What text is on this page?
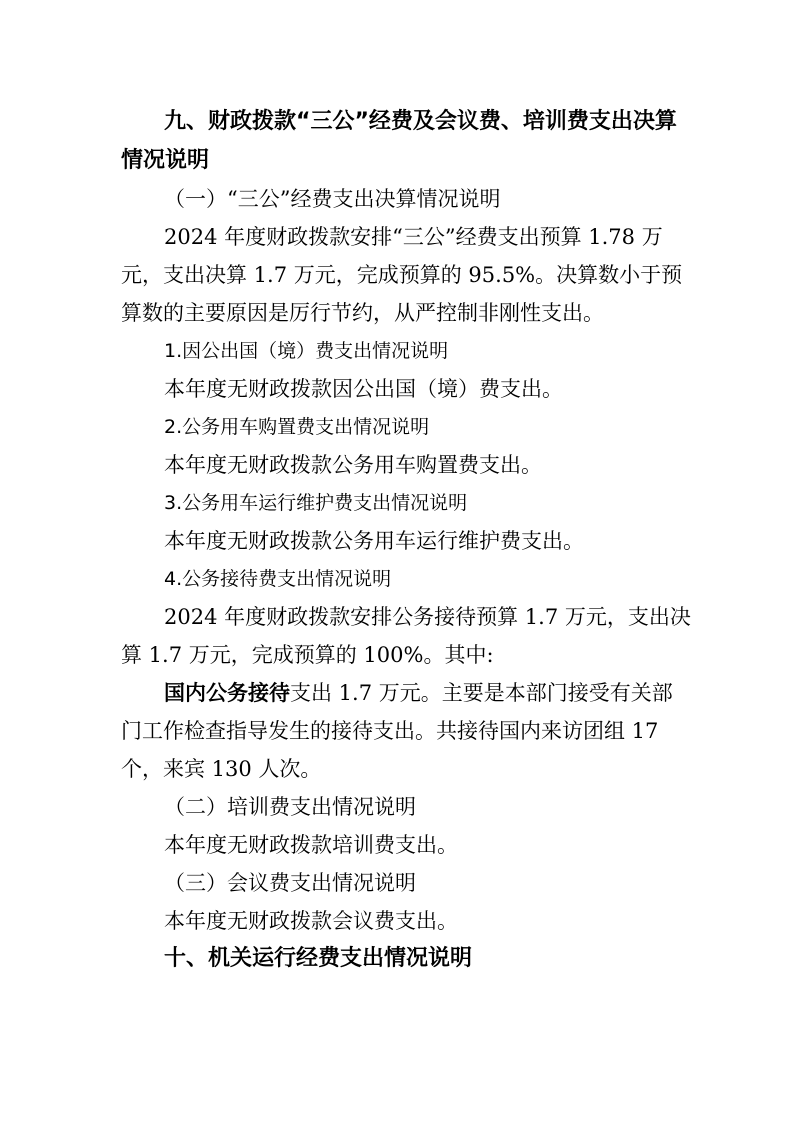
九、财政拨款“三公”经费及会议费、培训费支出决算
情况说明
（一）“三公”经费支出决算情况说明
2024 年度财政拨款安排“三公”经费支出预算 1.78 万
元，支出决算 1.7 万元，完成预算的 95.5%。决算数小于预
算数的主要原因是厉行节约，从严控制非刚性支出。
1.因公出国（境）费支出情况说明
本年度无财政拨款因公出国（境）费支出。
2.公务用车购置费支出情况说明
本年度无财政拨款公务用车购置费支出。
3.公务用车运行维护费支出情况说明
本年度无财政拨款公务用车运行维护费支出。
4.公务接待费支出情况说明
2024 年度财政拨款安排公务接待预算 1.7 万元，支出决
算 1.7 万元，完成预算的 100%。其中:
国内公务接待支出 1.7 万元。主要是本部门接受有关部
门工作检查指导发生的接待支出。共接待国内来访团组 17
个，来宾 130 人次。
（二）培训费支出情况说明
本年度无财政拨款培训费支出。
（三）会议费支出情况说明
本年度无财政拨款会议费支出。
十、机关运行经费支出情况说明
